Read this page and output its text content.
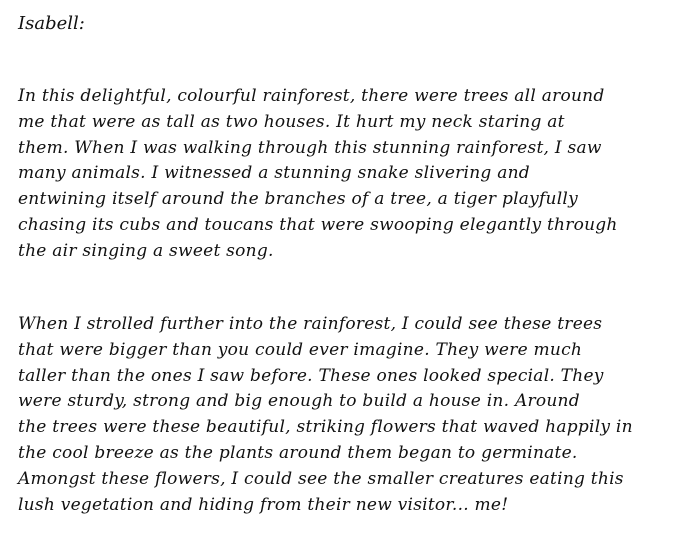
Isabell:

In this delightful, colourful rainforest, there were trees all around
me that were as tall as two houses. It hurt my neck staring at
them. When I was walking through this stunning rainforest, I saw
many animals. I witnessed a stunning snake slivering and
entwining itself around the branches of a tree, a tiger playfully
chasing its cubs and toucans that were swooping elegantly through
the air singing a sweet song.

When I strolled further into the rainforest, I could see these trees
that were bigger than you could ever imagine. They were much
taller than the ones I saw before. These ones looked special. They
were sturdy, strong and big enough to build a house in. Around
the trees were these beautiful, striking flowers that waved happily in
the cool breeze as the plants around them began to germinate.
Amongst these flowers, I could see the smaller creatures eating this
lush vegetation and hiding from their new visitor... me!
